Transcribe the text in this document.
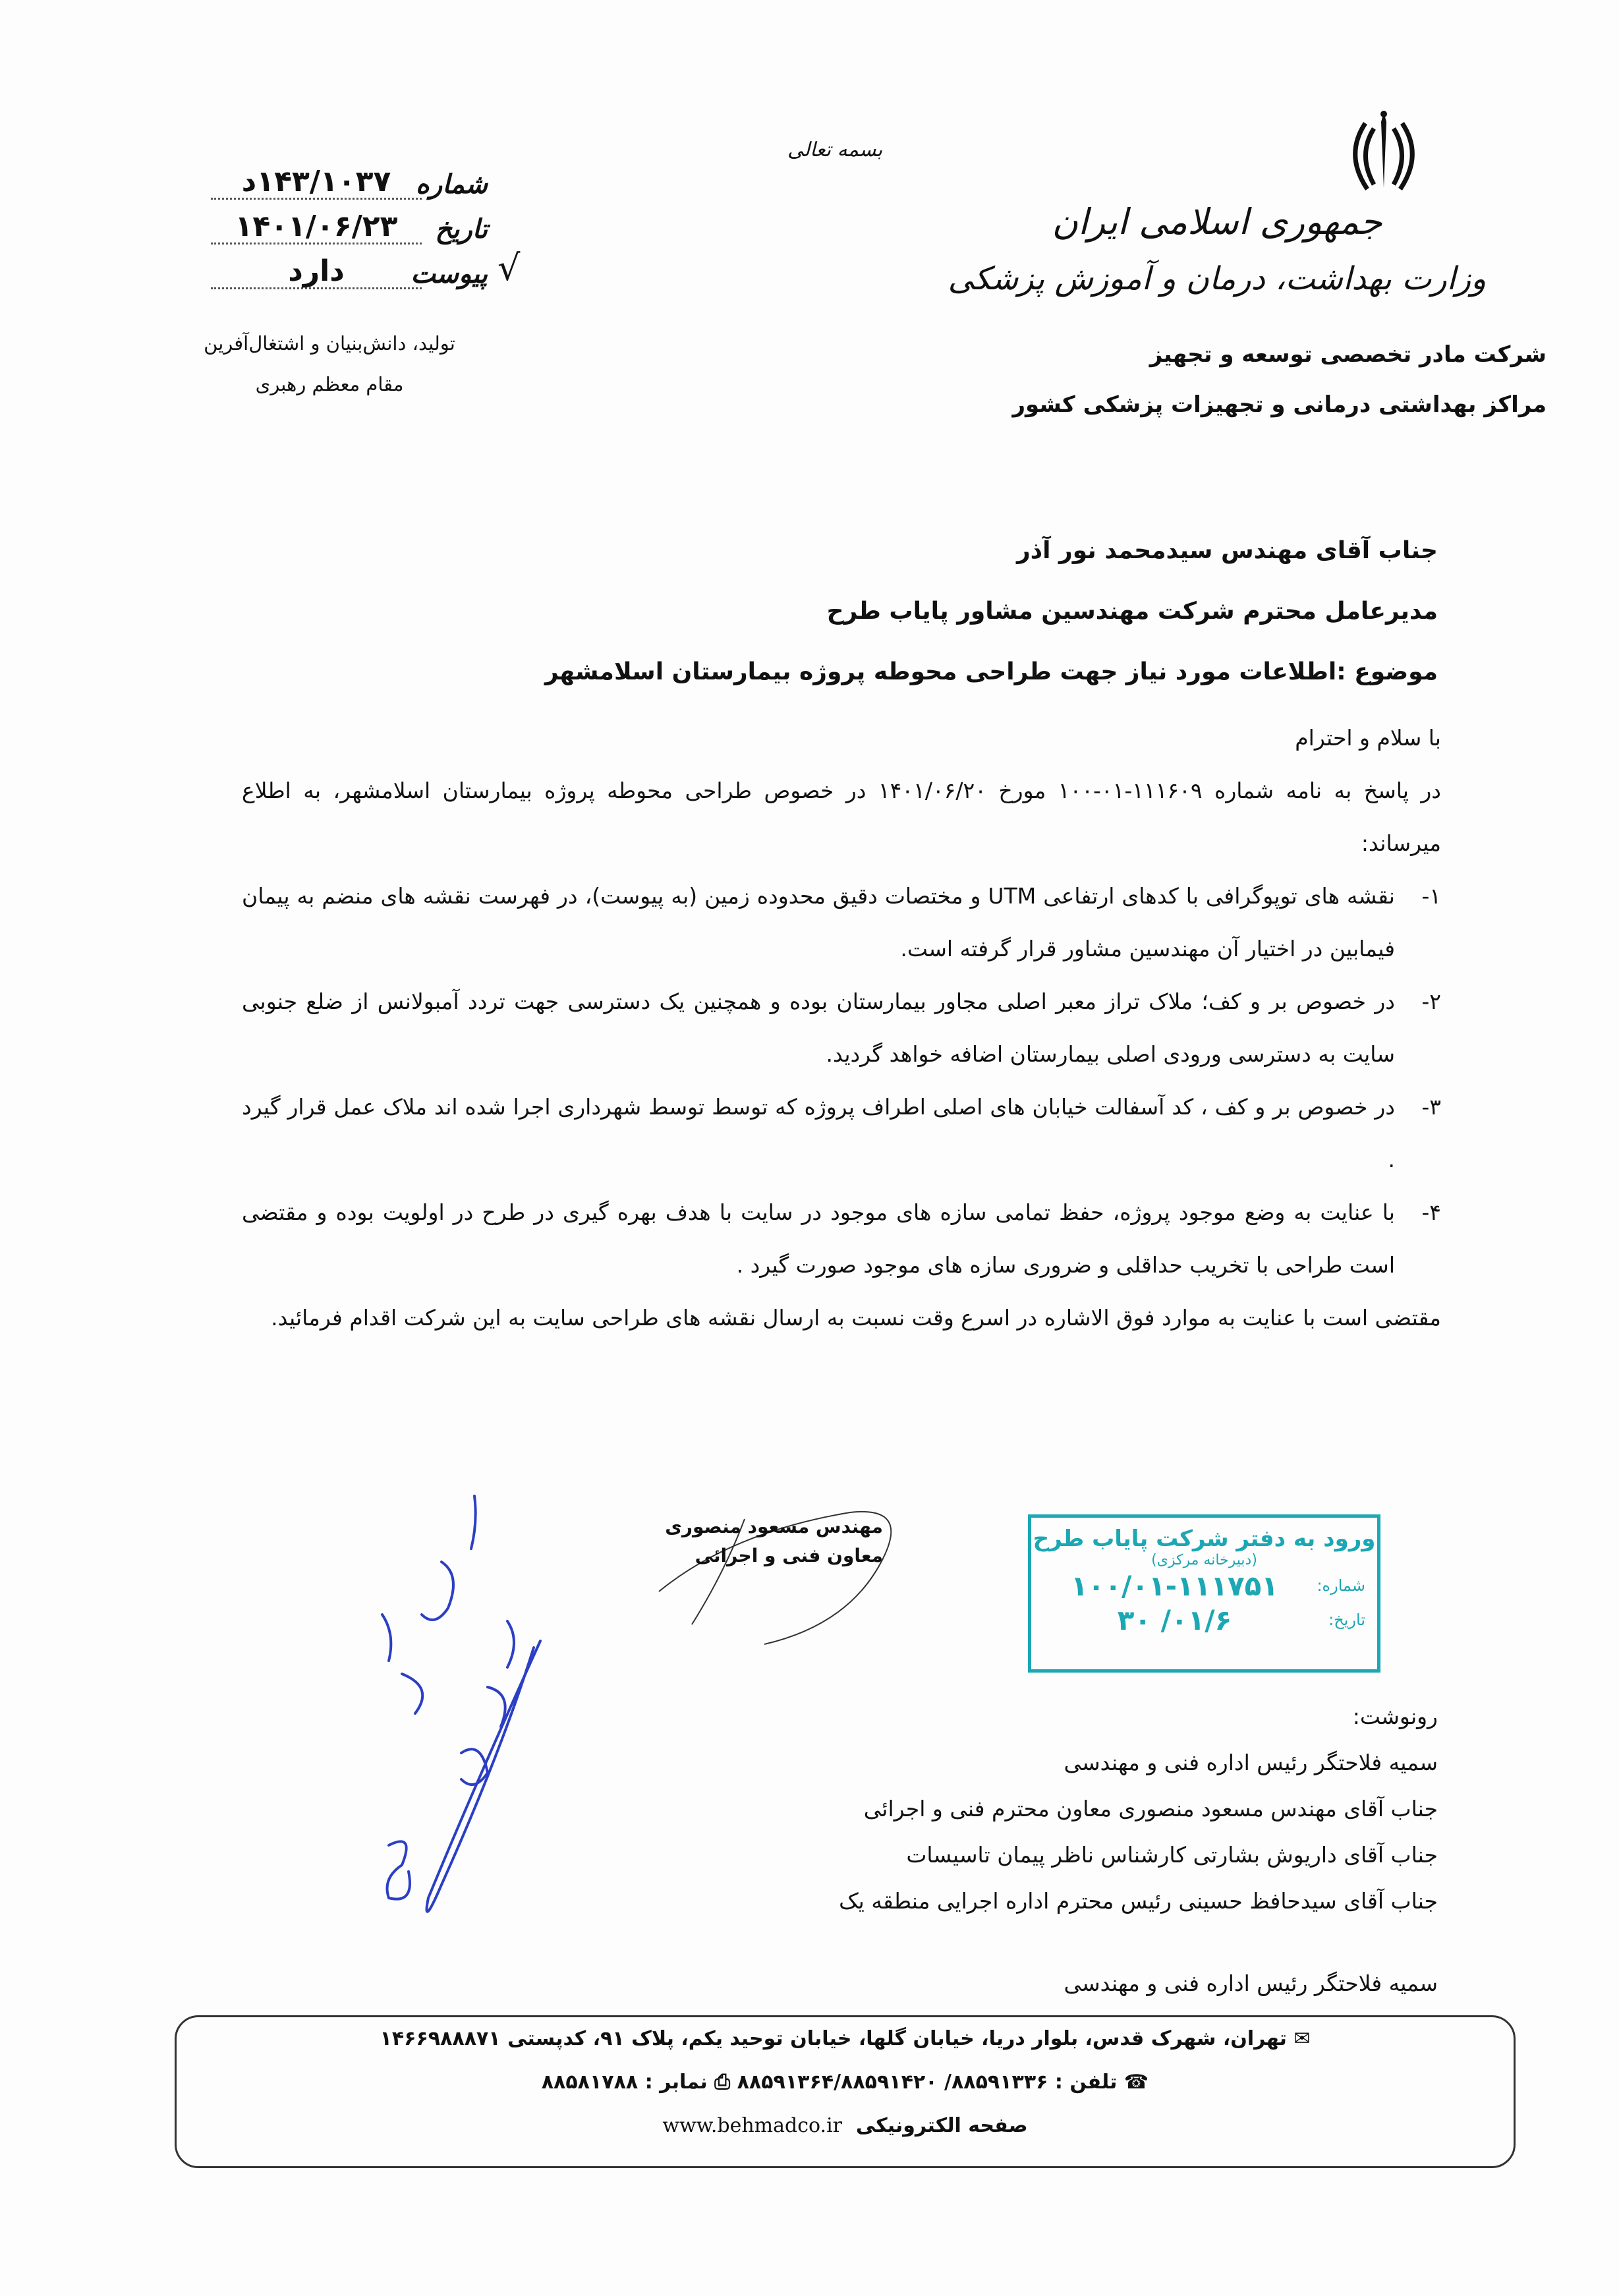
جمهوری اسلامی ایران
وزارت بهداشت، درمان و آموزش پزشکی
شرکت مادر تخصصی توسعه و تجهیز
مراکز بهداشتی درمانی و تجهیزات پزشکی کشور
بسمه تعالی
شماره
۱۴۳/۱۰۳۷د
تاریخ
۱۴۰۱/۰۶/۲۳
پیوست
دارد	√
تولید، دانش‌بنیان و اشتغال‌آفرین
مقام معظم رهبری
جناب آقای مهندس سیدمحمد نور آذر
مدیرعامل محترم شرکت مهندسین مشاور پایاب طرح
موضوع :اطلاعات مورد نیاز جهت طراحی محوطه پروژه بیمارستان اسلامشهر

با سلام و احترام

در پاسخ به نامه شماره ۱۱۱۶۰۹-۰۱-۱۰۰ مورخ ۱۴۰۱/۰۶/۲۰ در خصوص طراحی محوطه پروژه بیمارستان اسلامشهر، به اطلاع میرساند:

۱-
نقشه های توپوگرافی با کدهای ارتفاعی UTM و مختصات دقیق محدوده زمین (به پیوست)، در فهرست نقشه های منضم به پیمان فیمابین در اختیار آن مهندسین مشاور قرار گرفته است.
۲-
در خصوص بر و کف؛ ملاک تراز معبر اصلی مجاور بیمارستان بوده و همچنین یک دسترسی جهت تردد آمبولانس از ضلع جنوبی سایت به دسترسی ورودی اصلی بیمارستان اضافه خواهد گردید.
۳-
در خصوص بر و کف ، کد آسفالت خیابان های اصلی اطراف پروژه که توسط توسط شهرداری اجرا شده اند ملاک عمل قرار گیرد .
۴-
با عنایت به وضع موجود پروژه، حفظ تمامی سازه های موجود در سایت با هدف بهره گیری در طرح در اولویت بوده و مقتضی است طراحی با تخریب حداقلی و ضروری سازه های موجود صورت گیرد .

مقتضی است با عنایت به موارد فوق الاشاره در اسرع وقت نسبت به ارسال نقشه های طراحی سایت به این شرکت اقدام فرمائید.

مهندس مسعود منصوری
معاون فنی و اجرائی
ورود به دفتر شرکت پایاب طرح
(دبیرخانه مرکزی)
شماره:
۱۰۰/۰۱-۱۱۱۷۵۱
تاریخ:
۰۱/۶/ ۳۰
رونوشت:
سمیه فلاحتگر رئیس اداره فنی و مهندسی
جناب آقای مهندس مسعود منصوری معاون محترم فنی و اجرائی
جناب آقای داریوش بشارتی کارشناس ناظر پیمان تاسیسات
جناب آقای سیدحافظ حسینی رئیس محترم اداره اجرایی منطقه یک
سمیه فلاحتگر رئیس اداره فنی و مهندسی
✉ تهران، شهرک قدس، بلوار دریا، خیابان گلها، خیابان توحید یکم، پلاک ۹۱، کدپستی ۱۴۶۶۹۸۸۸۷۱
☎ تلفن : ۸۸۵۹۱۳۳۶/ ۸۸۵۹۱۳۶۴/۸۸۵۹۱۴۲۰ ⎙ نمابر : ۸۸۵۸۱۷۸۸
صفحه الکترونیکی  www.behmadco.ir
